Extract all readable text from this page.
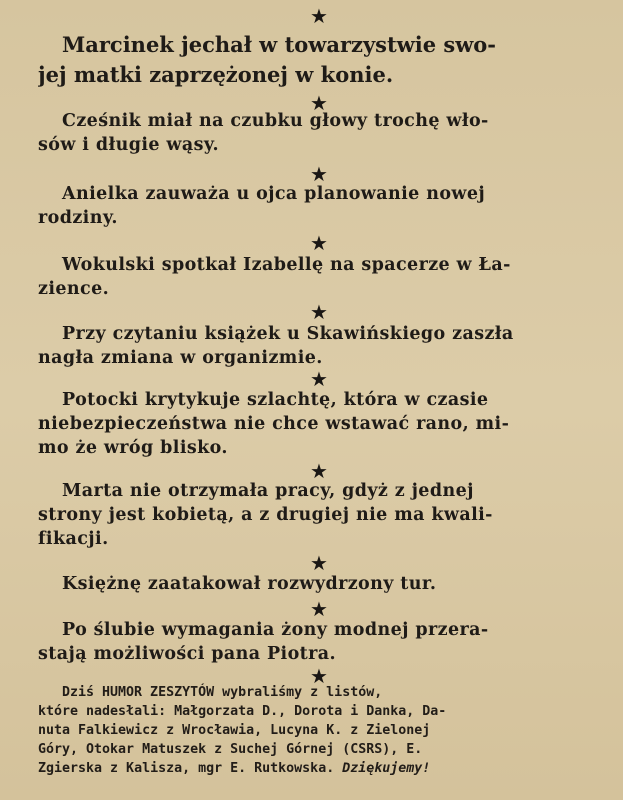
★
Marcinek jechał w towarzystwie swo-
jej matki zaprzężonej w konie.
★
Cześnik miał na czubku głowy trochę wło-
sów i długie wąsy.
★
Anielka zauważa u ojca planowanie nowej
rodziny.
★
Wokulski spotkał Izabellę na spacerze w Ła-
zience.
★
Przy czytaniu książek u Skawińskiego zaszła
nagła zmiana w organizmie.
★
Potocki krytykuje szlachtę, która w czasie
niebezpieczeństwa nie chce wstawać rano, mi-
mo że wróg blisko.
★
Marta nie otrzymała pracy, gdyż z jednej
strony jest kobietą, a z drugiej nie ma kwali-
fikacji.
★
Księżnę zaatakował rozwydrzony tur.
★
Po ślubie wymagania żony modnej przera-
stają możliwości pana Piotra.
★
Dziś HUMOR ZESZYTÓW wybraliśmy z listów,
które nadesłali: Małgorzata D., Dorota i Danka, Da-
nuta Falkiewicz z Wrocławia, Lucyna K. z Zielonej
Góry, Otokar Matuszek z Suchej Górnej (CSRS), E.
Zgierska z Kalisza, mgr E. Rutkowska. Dziękujemy!
